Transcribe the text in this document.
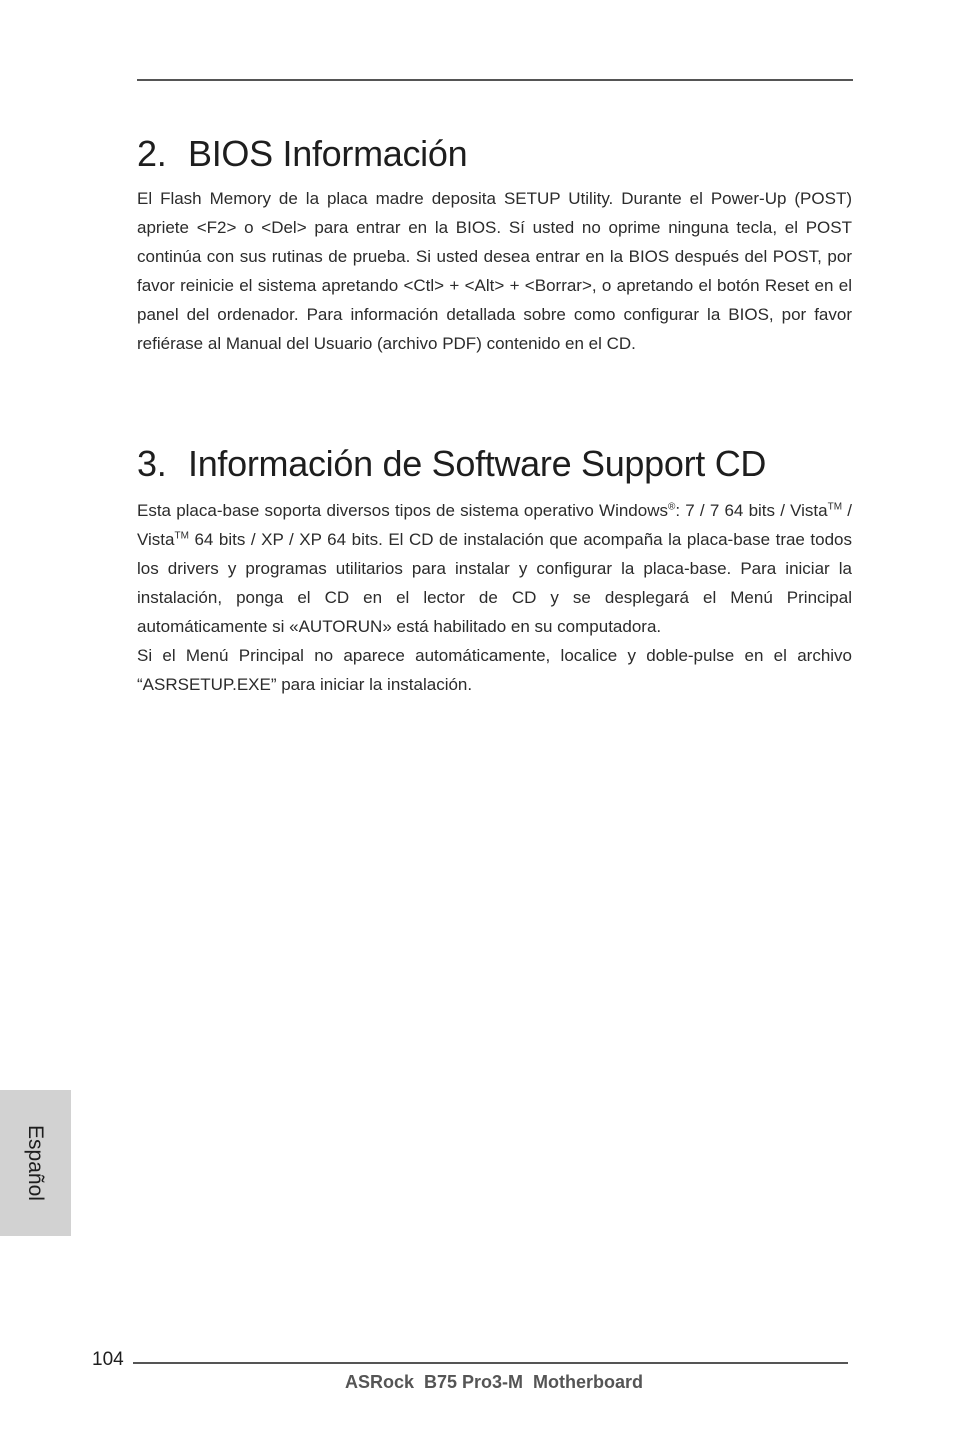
2. BIOS Información

El Flash Memory de la placa madre deposita SETUP Utility. Durante el Power-Up (POST) apriete <F2> o <Del> para entrar en la BIOS. Sí usted no oprime ninguna tecla, el POST continúa con sus rutinas de prueba. Si usted desea entrar en la BIOS después del POST, por favor reinicie el sistema apretando <Ctl> + <Alt> + <Borrar>, o apretando el botón Reset en el panel del ordenador. Para información detallada sobre como configurar la BIOS, por favor refiérase al Manual del Usuario (archivo PDF) contenido en el CD.

3. Información de Software Support CD

Esta placa-base soporta diversos tipos de sistema operativo Windows®: 7 / 7 64 bits / Vista™ / Vista™ 64 bits / XP / XP 64 bits. El CD de instalación que acompaña la placa-base trae todos los drivers y programas utilitarios para instalar y configurar la placa-base. Para iniciar la instalación, ponga el CD en el lector de CD y se desplegará el Menú Principal automáticamente si «AUTORUN» está habilitado en su computadora.

Si el Menú Principal no aparece automáticamente, localice y doble-pulse en el archivo “ASRSETUP.EXE” para iniciar la instalación.

Español
104
ASRock  B75 Pro3-M  Motherboard
